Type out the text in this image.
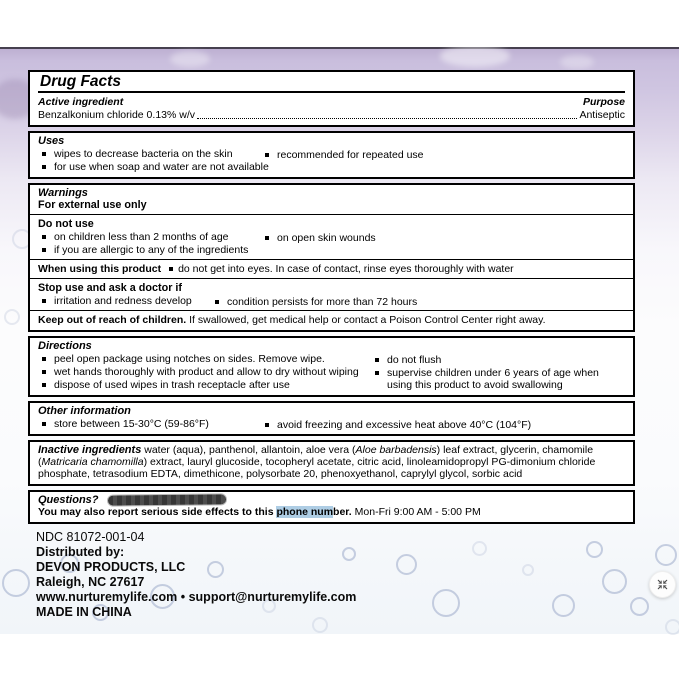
Drug Facts
Active ingredient	Purpose
Benzalkonium chloride 0.13% w/v	Antiseptic
Uses
wipes to decrease bacteria on the skin
for use when soap and water are not available
recommended for repeated use
Warnings
For external use only
Do not use
on children less than 2 months of age
if you are allergic to any of the ingredients
on open skin wounds
When using this product do not get into eyes. In case of contact, rinse eyes thoroughly with water
Stop use and ask a doctor if
irritation and redness develop	condition persists for more than 72 hours
Keep out of reach of children. If swallowed, get medical help or contact a Poison Control Center right away.
Directions
peel open package using notches on sides. Remove wipe.
wet hands thoroughly with product and allow to dry without wiping
dispose of used wipes in trash receptacle after use
do not flush
supervise children under 6 years of age when using this product to avoid swallowing
Other information
store between 15-30°C (59-86°F)	avoid freezing and excessive heat above 40°C (104°F)
Inactive ingredients water (aqua), panthenol, allantoin, aloe vera (Aloe barbadensis) leaf extract, glycerin, chamomile (Matricaria chamomilla) extract, lauryl glucoside, tocopheryl acetate, citric acid, linoleamidopropyl PG-dimonium chloride phosphate, tetrasodium EDTA, dimethicone, polysorbate 20, phenoxyethanol, caprylyl glycol, sorbic acid
Questions?
You may also report serious side effects to this phone number. Mon-Fri 9:00 AM - 5:00 PM
NDC 81072-001-04
Distributed by:
DEVON PRODUCTS, LLC
Raleigh, NC 27617
www.nurturemylife.com • support@nurturemylife.com
MADE IN CHINA
